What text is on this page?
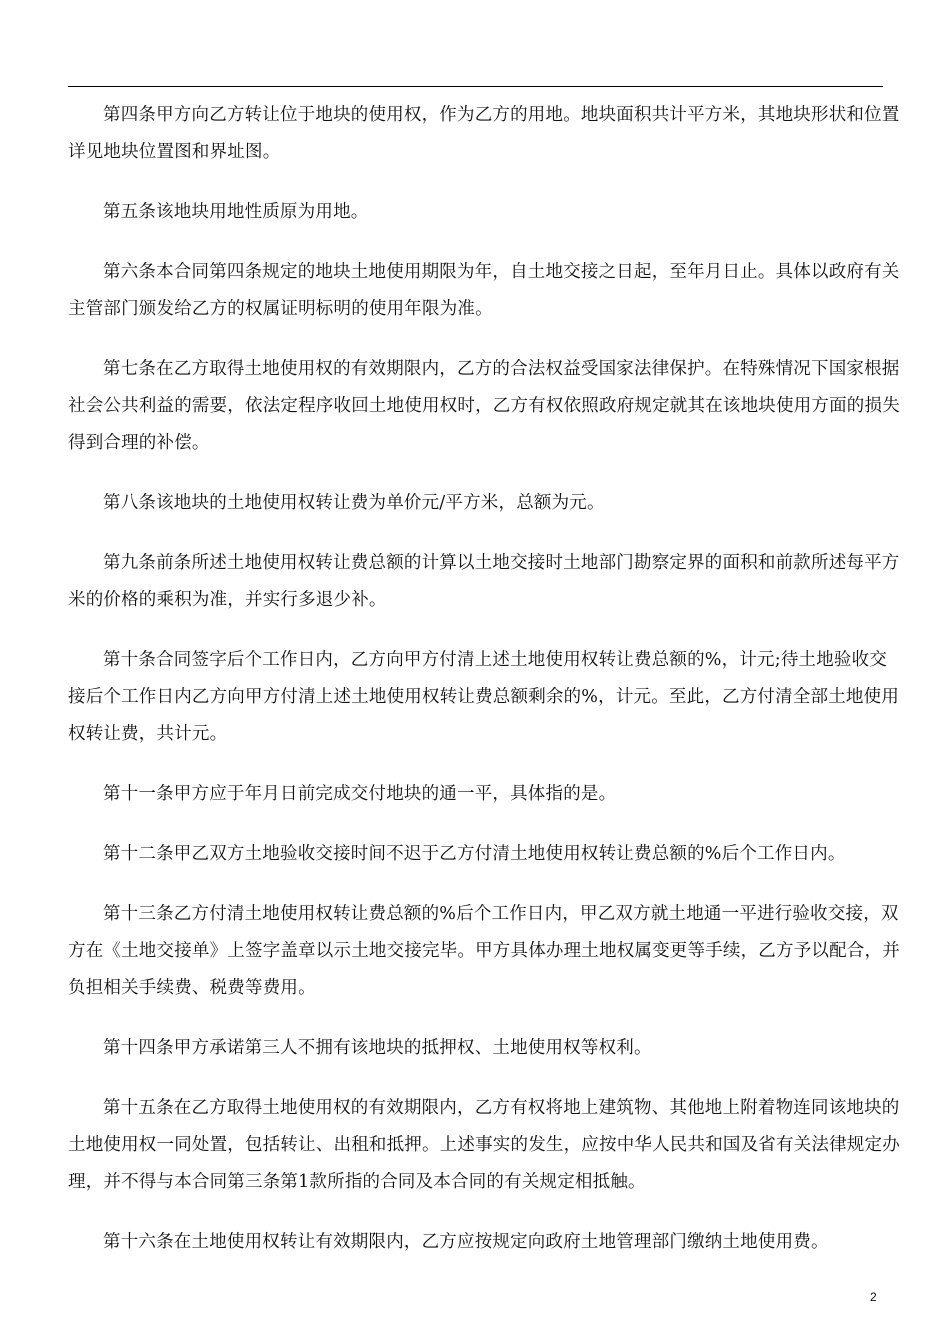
第四条甲方向乙方转让位于地块的使用权，作为乙方的用地。地块面积共计平方米，其地块形状和位置详见地块位置图和界址图。

第五条该地块用地性质原为用地。

第六条本合同第四条规定的地块土地使用期限为年，自土地交接之日起，至年月日止。具体以政府有关主管部门颁发给乙方的权属证明标明的使用年限为准。

第七条在乙方取得土地使用权的有效期限内，乙方的合法权益受国家法律保护。在特殊情况下国家根据社会公共利益的需要，依法定程序收回土地使用权时，乙方有权依照政府规定就其在该地块使用方面的损失得到合理的补偿。

第八条该地块的土地使用权转让费为单价元/平方米，总额为元。

第九条前条所述土地使用权转让费总额的计算以土地交接时土地部门勘察定界的面积和前款所述每平方米的价格的乘积为准，并实行多退少补。

第十条合同签字后个工作日内，乙方向甲方付清上述土地使用权转让费总额的%，计元;待土地验收交接后个工作日内乙方向甲方付清上述土地使用权转让费总额剩余的%，计元。至此，乙方付清全部土地使用权转让费，共计元。

第十一条甲方应于年月日前完成交付地块的通一平，具体指的是。

第十二条甲乙双方土地验收交接时间不迟于乙方付清土地使用权转让费总额的%后个工作日内。

第十三条乙方付清土地使用权转让费总额的%后个工作日内，甲乙双方就土地通一平进行验收交接，双方在《土地交接单》上签字盖章以示土地交接完毕。甲方具体办理土地权属变更等手续，乙方予以配合，并负担相关手续费、税费等费用。

第十四条甲方承诺第三人不拥有该地块的抵押权、土地使用权等权利。

第十五条在乙方取得土地使用权的有效期限内，乙方有权将地上建筑物、其他地上附着物连同该地块的土地使用权一同处置，包括转让、出租和抵押。上述事实的发生，应按中华人民共和国及省有关法律规定办理，并不得与本合同第三条第1款所指的合同及本合同的有关规定相抵触。

第十六条在土地使用权转让有效期限内，乙方应按规定向政府土地管理部门缴纳土地使用费。

2
